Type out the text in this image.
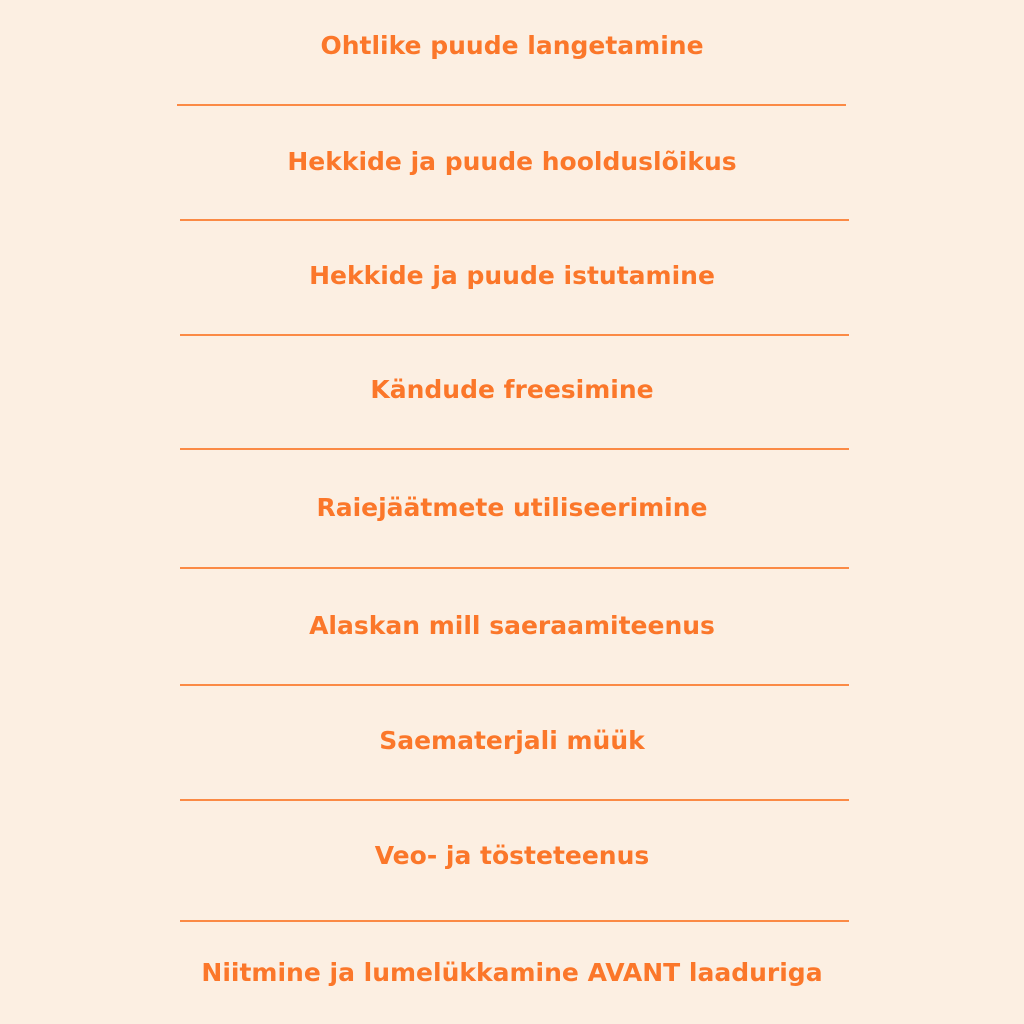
Ohtlike puude langetamine
Hekkide ja puude hoolduslõikus
Hekkide ja puude istutamine
Kändude freesimine
Raiejäätmete utiliseerimine
Alaskan mill saeraamiteenus
Saematerjali müük
Veo- ja tösteteenus
Niitmine ja lumelükkamine AVANT laaduriga
